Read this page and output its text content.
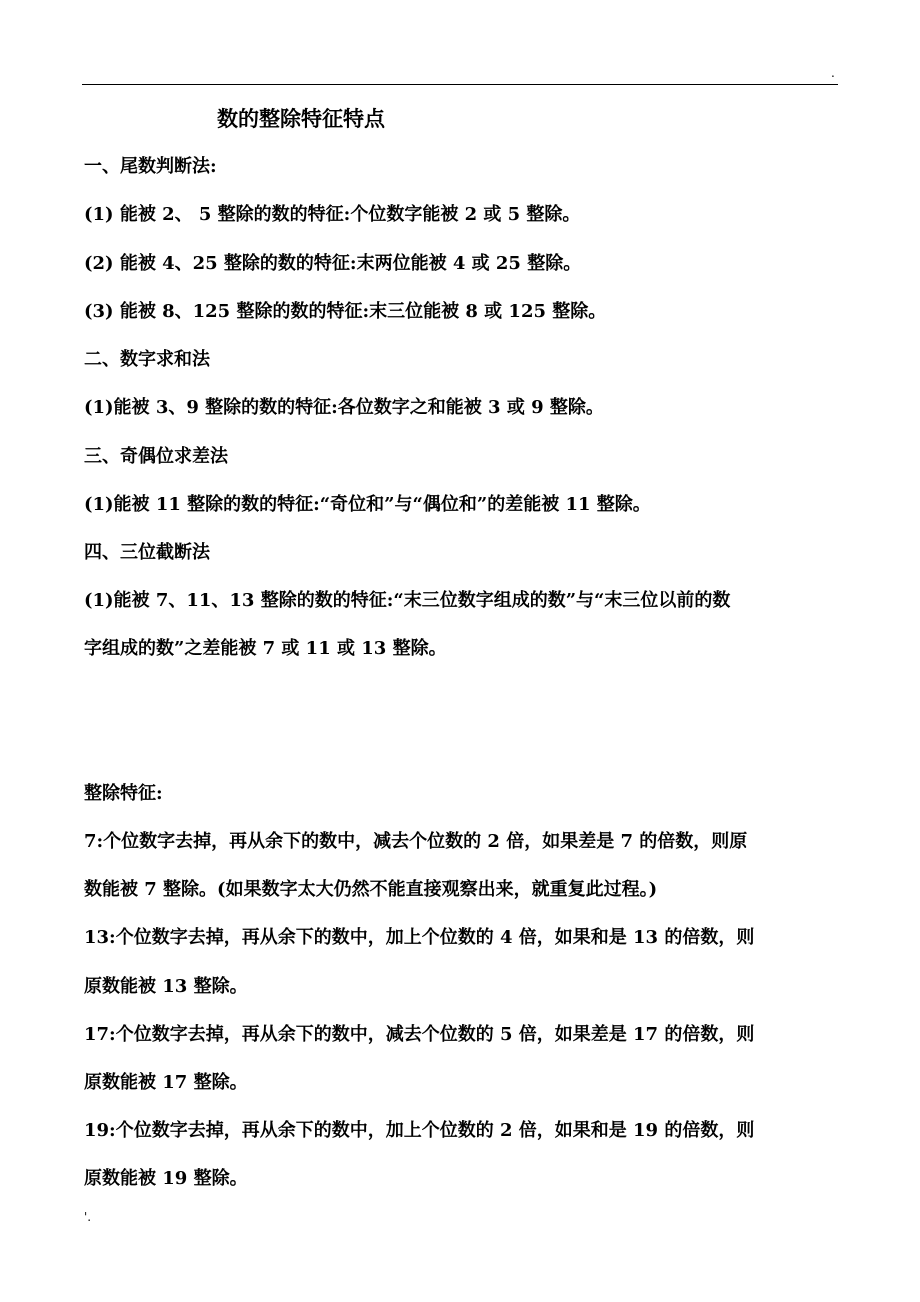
.
数的整除特征特点
一、尾数判断法:
(1) 能被 2、 5 整除的数的特征:个位数字能被 2 或 5 整除。
(2) 能被 4、25 整除的数的特征:末两位能被 4 或 25 整除。
(3) 能被 8、125 整除的数的特征:末三位能被 8 或 125 整除。
二、数字求和法
(1)能被 3、9 整除的数的特征:各位数字之和能被 3 或 9 整除。
三、奇偶位求差法
(1)能被 11 整除的数的特征:“奇位和”与“偶位和”的差能被 11 整除。
四、三位截断法
(1)能被 7、11、13 整除的数的特征:“末三位数字组成的数”与“末三位以前的数
字组成的数”之差能被 7 或 11 或 13 整除。
整除特征:
7:个位数字去掉，再从余下的数中，减去个位数的 2 倍，如果差是 7 的倍数，则原
数能被 7 整除。(如果数字太大仍然不能直接观察出来，就重复此过程。)
13:个位数字去掉，再从余下的数中，加上个位数的 4 倍，如果和是 13 的倍数，则
原数能被 13 整除。
17:个位数字去掉，再从余下的数中，减去个位数的 5 倍，如果差是 17 的倍数，则
原数能被 17 整除。
19:个位数字去掉，再从余下的数中，加上个位数的 2 倍，如果和是 19 的倍数，则
原数能被 19 整除。
'.
